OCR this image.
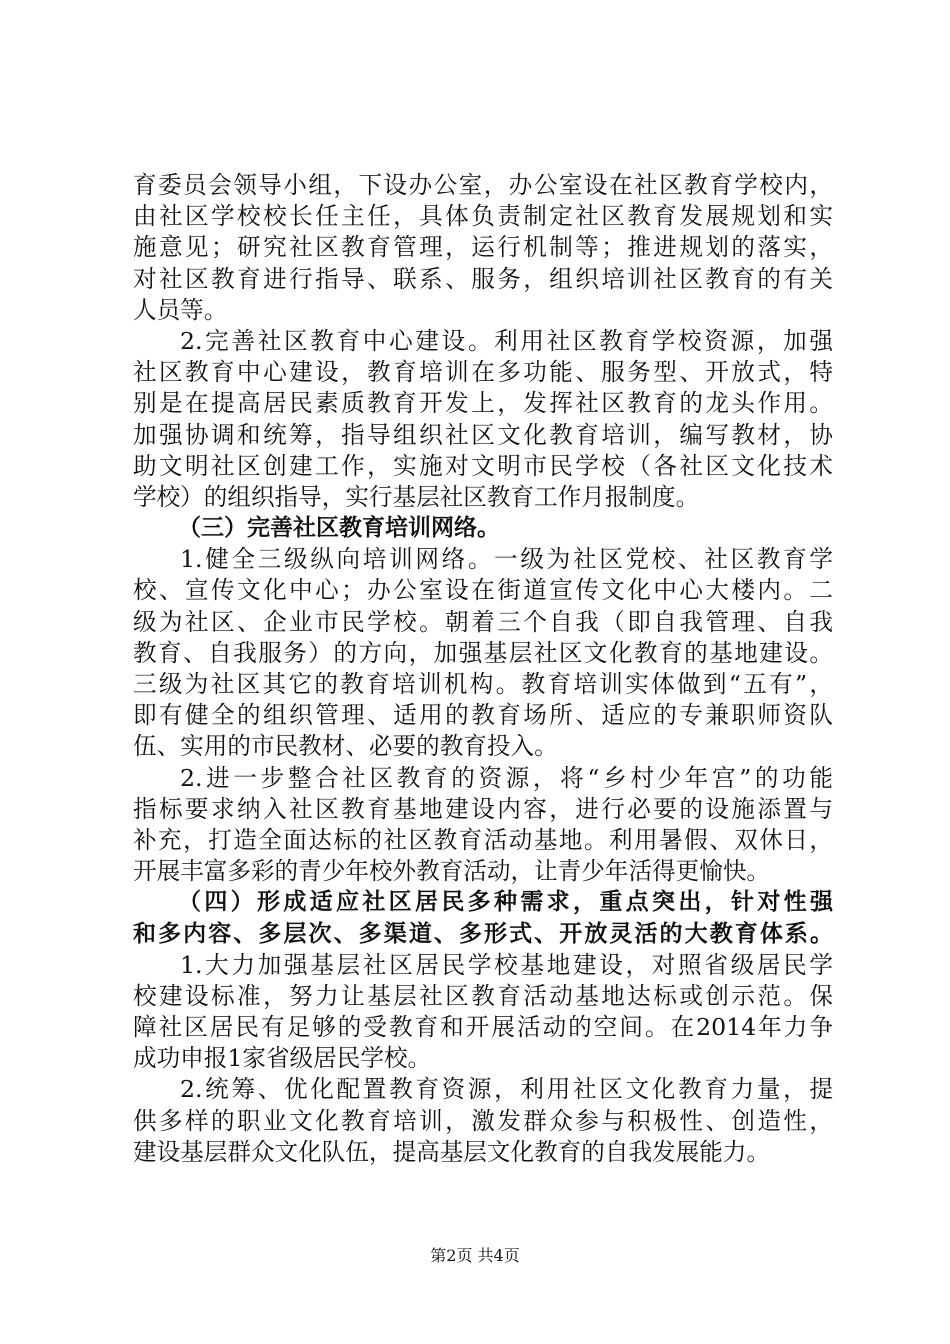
育委员会领导小组，下设办公室，办公室设在社区教育学校内，
由社区学校校长任主任，具体负责制定社区教育发展规划和实
施意见；研究社区教育管理，运行机制等；推进规划的落实，
对社区教育进行指导、联系、服务，组织培训社区教育的有关
人员等。
2.完善社区教育中心建设。利用社区教育学校资源，加强
社区教育中心建设，教育培训在多功能、服务型、开放式，特
别是在提高居民素质教育开发上，发挥社区教育的龙头作用。
加强协调和统筹，指导组织社区文化教育培训，编写教材，协
助文明社区创建工作，实施对文明市民学校（各社区文化技术
学校）的组织指导，实行基层社区教育工作月报制度。
（三）完善社区教育培训网络。
1.健全三级纵向培训网络。一级为社区党校、社区教育学
校、宣传文化中心；办公室设在街道宣传文化中心大楼内。二
级为社区、企业市民学校。朝着三个自我（即自我管理、自我
教育、自我服务）的方向，加强基层社区文化教育的基地建设。
三级为社区其它的教育培训机构。教育培训实体做到“五有”，
即有健全的组织管理、适用的教育场所、适应的专兼职师资队
伍、实用的市民教材、必要的教育投入。
2.进一步整合社区教育的资源，将“乡村少年宫”的功能
指标要求纳入社区教育基地建设内容，进行必要的设施添置与
补充，打造全面达标的社区教育活动基地。利用暑假、双休日，
开展丰富多彩的青少年校外教育活动，让青少年活得更愉快。
（四）形成适应社区居民多种需求，重点突出，针对性强
和多内容、多层次、多渠道、多形式、开放灵活的大教育体系。
1.大力加强基层社区居民学校基地建设，对照省级居民学
校建设标准，努力让基层社区教育活动基地达标或创示范。保
障社区居民有足够的受教育和开展活动的空间。在2014年力争
成功申报1家省级居民学校。
2.统筹、优化配置教育资源，利用社区文化教育力量，提
供多样的职业文化教育培训，激发群众参与积极性、创造性，
建设基层群众文化队伍，提高基层文化教育的自我发展能力。
第2页 共4页
